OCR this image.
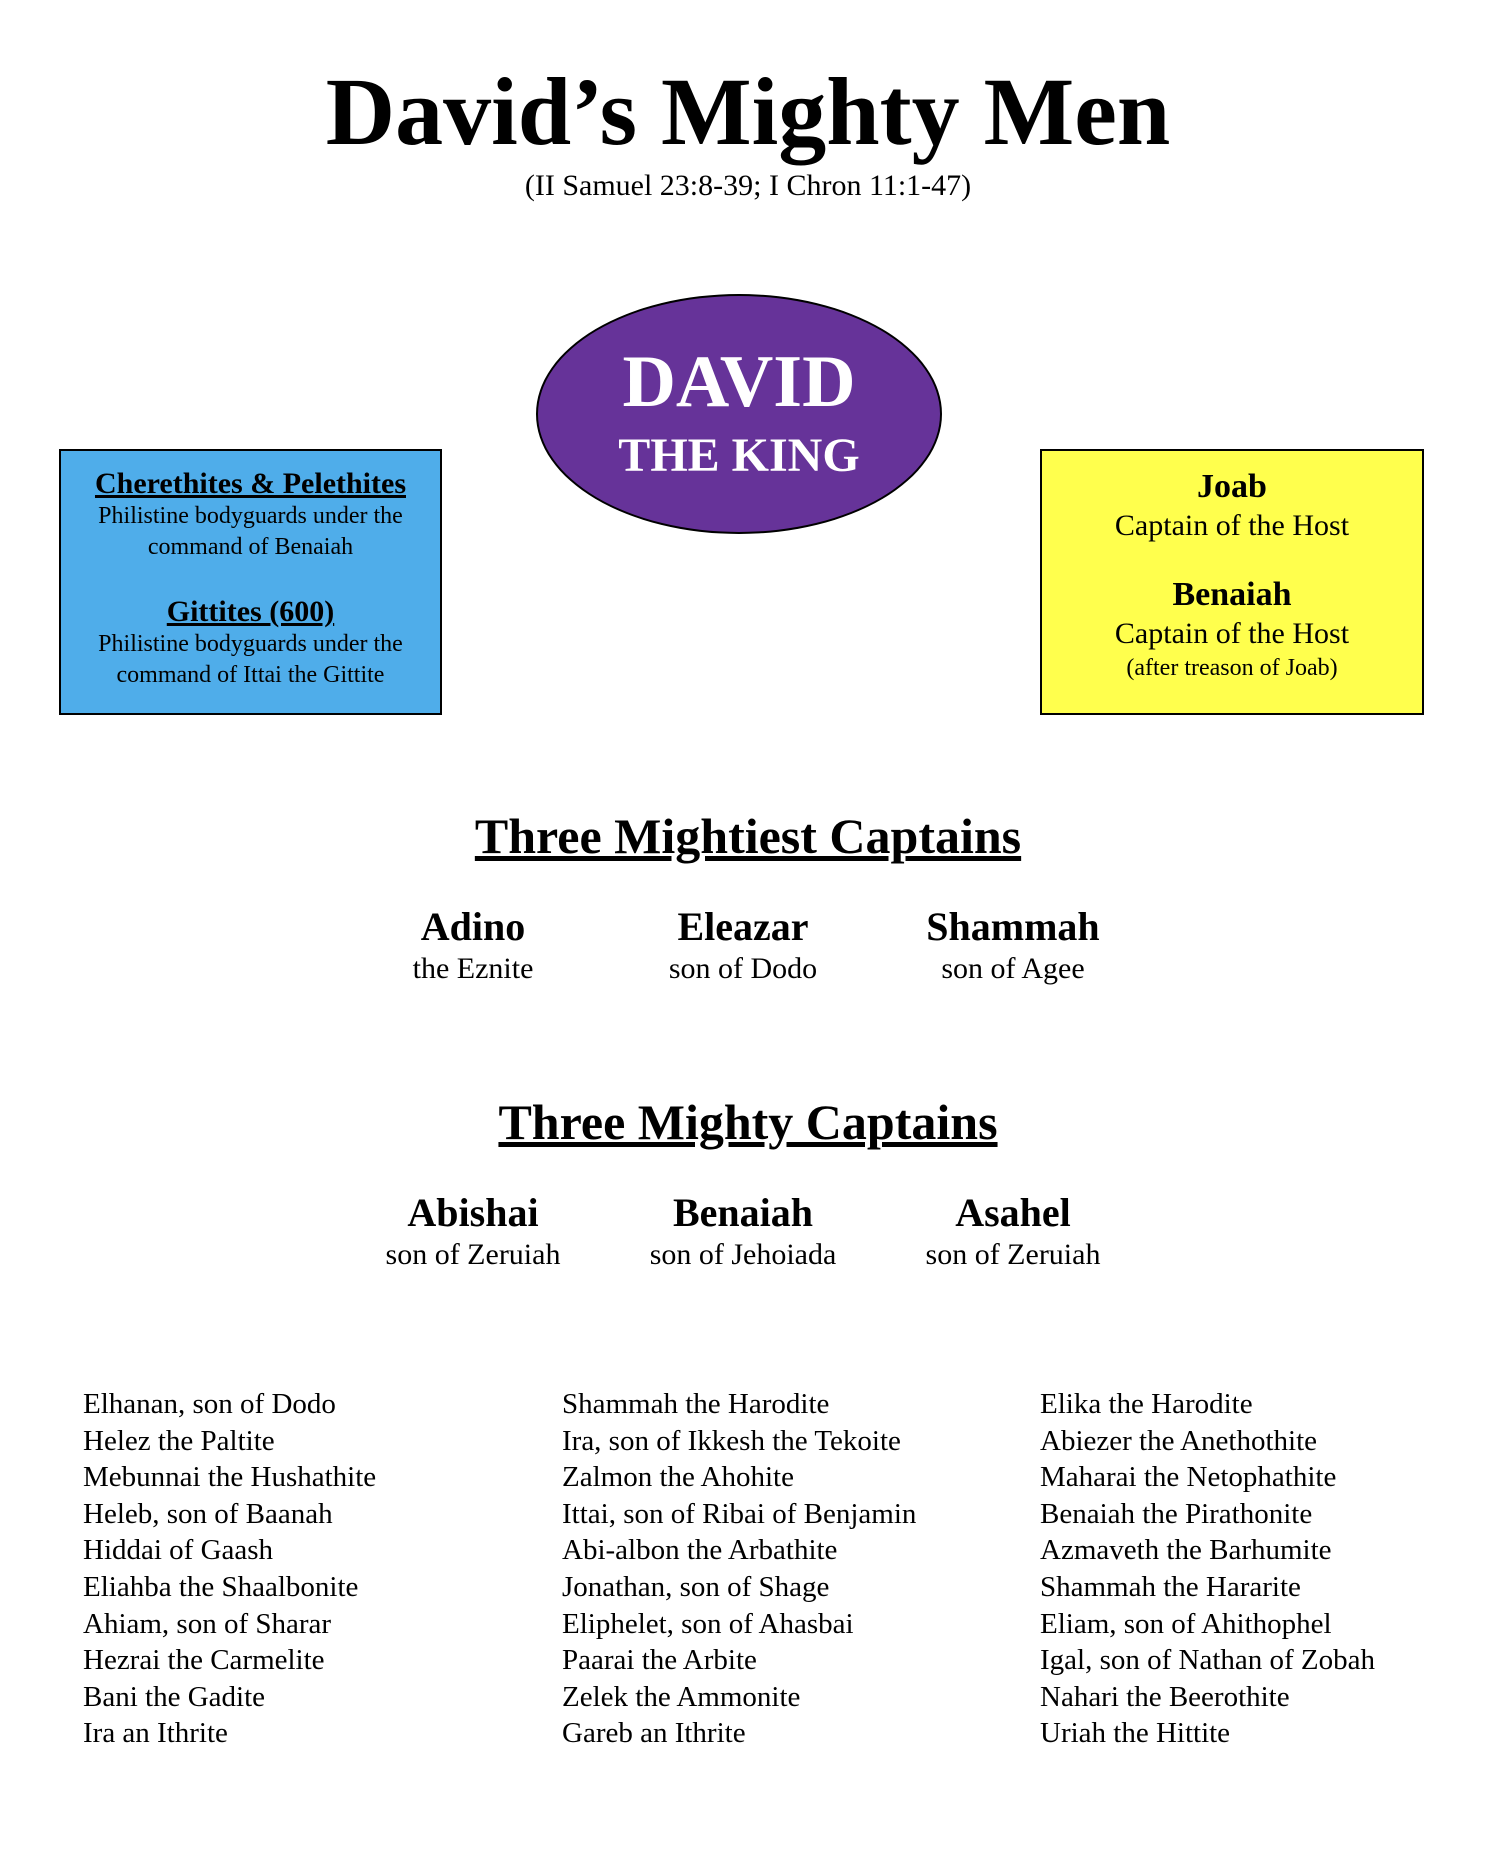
David’s Mighty Men
(II Samuel 23:8-39; I Chron 11:1-47)
DAVID
THE KING
Cherethites & Pelethites
Philistine bodyguards under the
command of Benaiah
Gittites (600)
Philistine bodyguards under the
command of Ittai the Gittite
Joab
Captain of the Host
Benaiah
Captain of the Host
(after treason of Joab)
Three Mightiest Captains
Adino
the Eznite
Eleazar
son of Dodo
Shammah
son of Agee
Three Mighty Captains
Abishai
son of Zeruiah
Benaiah
son of Jehoiada
Asahel
son of Zeruiah
Elhanan, son of Dodo
Helez the Paltite
Mebunnai the Hushathite
Heleb, son of Baanah
Hiddai of Gaash
Eliahba the Shaalbonite
Ahiam, son of Sharar
Hezrai the Carmelite
Bani the Gadite
Ira an Ithrite
Shammah the Harodite
Ira, son of Ikkesh the Tekoite
Zalmon the Ahohite
Ittai, son of Ribai of Benjamin
Abi-albon the Arbathite
Jonathan, son of Shage
Eliphelet, son of Ahasbai
Paarai the Arbite
Zelek the Ammonite
Gareb an Ithrite
Elika the Harodite
Abiezer the Anethothite
Maharai the Netophathite
Benaiah the Pirathonite
Azmaveth the Barhumite
Shammah the Hararite
Eliam, son of Ahithophel
Igal, son of Nathan of Zobah
Nahari the Beerothite
Uriah the Hittite
